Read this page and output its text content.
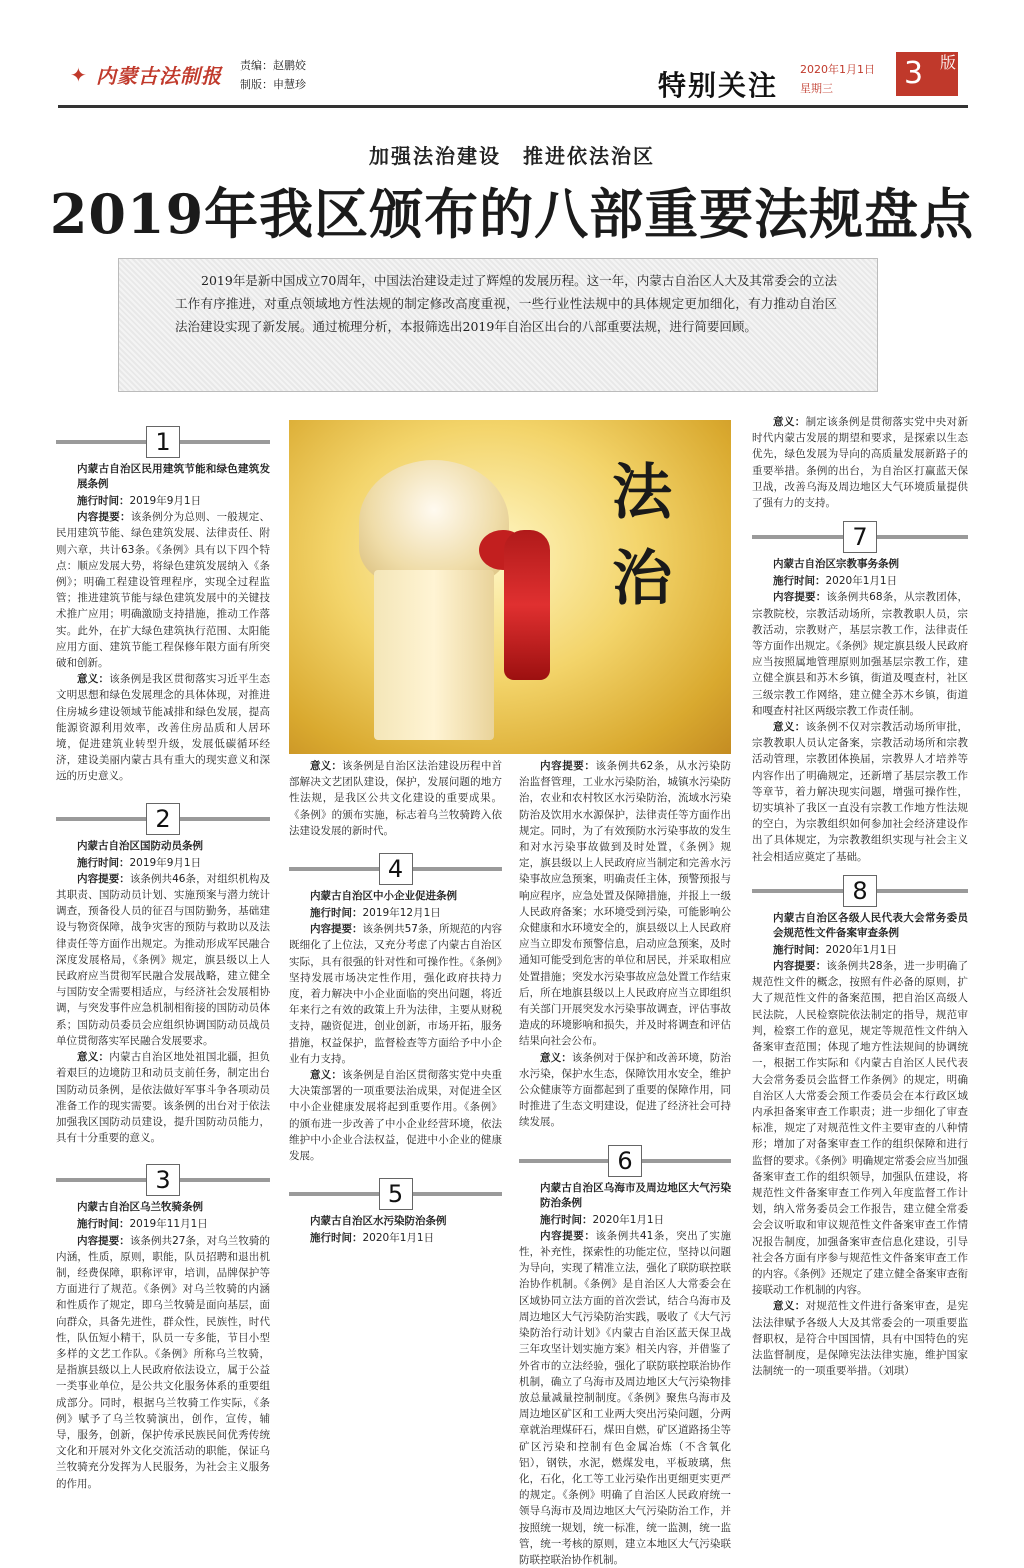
✦ 内蒙古法制报 责编：赵鹏姣
制版：申慧珍	特别关注 2020年1月1日
星期三	3 版
加强法治建设　推进依法治区
2019年我区颁布的八部重要法规盘点

2019年是新中国成立70周年，中国法治建设走过了辉煌的发展历程。这一年，内蒙古自治区人大及其常委会的立法工作有序推进，对重点领域地方性法规的制定修改高度重视，一些行业性法规中的具体规定更加细化，有力推动自治区法治建设实现了新发展。通过梳理分析，本报筛选出2019年自治区出台的八部重要法规，进行简要回顾。

法
治
1
内蒙古自治区民用建筑节能和绿色建筑发展条例

施行时间：2019年9月1日

内容提要：该条例分为总则、一般规定、民用建筑节能、绿色建筑发展、法律责任、附则六章，共计63条。《条例》具有以下四个特点：顺应发展大势，将绿色建筑发展纳入《条例》；明确工程建设管理程序，实现全过程监管；推进建筑节能与绿色建筑发展中的关键技术推广应用；明确激励支持措施，推动工作落实。此外，在扩大绿色建筑执行范围、太阳能应用方面、建筑节能工程保修年限方面有所突破和创新。

意义：该条例是我区贯彻落实习近平生态文明思想和绿色发展理念的具体体现，对推进住房城乡建设领域节能减排和绿色发展，提高能源资源利用效率，改善住房品质和人居环境，促进建筑业转型升级，发展低碳循环经济，建设美丽内蒙古具有重大的现实意义和深远的历史意义。

2
内蒙古自治区国防动员条例

施行时间：2019年9月1日

内容提要：该条例共46条，对组织机构及其职责、国防动员计划、实施预案与潜力统计调查，预备役人员的征召与国防勤务，基础建设与物资保障，战争灾害的预防与救助以及法律责任等方面作出规定。为推动形成军民融合深度发展格局，《条例》规定，旗县级以上人民政府应当贯彻军民融合发展战略，建立健全与国防安全需要相适应，与经济社会发展相协调，与突发事件应急机制相衔接的国防动员体系；国防动员委员会应组织协调国防动员战员单位贯彻落实军民融合发展要求。

意义：内蒙古自治区地处祖国北疆，担负着艰巨的边境防卫和动员支前任务，制定出台国防动员条例，是依法做好军事斗争各项动员准备工作的现实需要。该条例的出台对于依法加强我区国防动员建设，提升国防动员能力，具有十分重要的意义。

3
内蒙古自治区乌兰牧骑条例

施行时间：2019年11月1日

内容提要：该条例共27条，对乌兰牧骑的内涵，性质，原则，职能，队员招聘和退出机制，经费保障，职称评审，培训，品牌保护等方面进行了规范。《条例》对乌兰牧骑的内涵和性质作了规定，即乌兰牧骑是面向基层，面向群众，具备先进性，群众性，民族性，时代性，队伍短小精干，队员一专多能，节目小型多样的文艺工作队。《条例》所称乌兰牧骑，是指旗县级以上人民政府依法设立，属于公益一类事业单位，是公共文化服务体系的重要组成部分。同时，根据乌兰牧骑工作实际，《条例》赋予了乌兰牧骑演出，创作，宣传，辅导，服务，创新，保护传承民族民间优秀传统文化和开展对外文化交流活动的职能，保证乌兰牧骑充分发挥为人民服务，为社会主义服务的作用。

意义：该条例是自治区法治建设历程中首部解决文艺团队建设，保护，发展问题的地方性法规，是我区公共文化建设的重要成果。《条例》的颁布实施，标志着乌兰牧骑跨入依法建设发展的新时代。

4
内蒙古自治区中小企业促进条例

施行时间：2019年12月1日

内容提要：该条例共57条，所规范的内容既细化了上位法，又充分考虑了内蒙古自治区实际，具有很强的针对性和可操作性。《条例》坚持发展市场决定性作用，强化政府扶持力度，着力解决中小企业面临的突出问题，将近年来行之有效的政策上升为法律，主要从财税支持，融资促进，创业创新，市场开拓，服务措施，权益保护，监督检查等方面给予中小企业有力支持。

意义：该条例是自治区贯彻落实党中央重大决策部署的一项重要法治成果，对促进全区中小企业健康发展将起到重要作用。《条例》的颁布进一步改善了中小企业经营环境，依法维护中小企业合法权益，促进中小企业的健康发展。

5
内蒙古自治区水污染防治条例

施行时间：2020年1月1日

内容提要：该条例共62条，从水污染防治监督管理，工业水污染防治，城镇水污染防治，农业和农村牧区水污染防治，流域水污染防治及饮用水水源保护，法律责任等方面作出规定。同时，为了有效预防水污染事故的发生和对水污染事故做到及时处置，《条例》规定，旗县级以上人民政府应当制定和完善水污染事故应急预案，明确责任主体，预警预报与响应程序，应急处置及保障措施，并报上一级人民政府备案；水环境受到污染，可能影响公众健康和水环境安全的，旗县级以上人民政府应当立即发布预警信息，启动应急预案，及时通知可能受到危害的单位和居民，并采取相应处置措施；突发水污染事故应急处置工作结束后，所在地旗县级以上人民政府应当立即组织有关部门开展突发水污染事故调查，评估事故造成的环境影响和损失，并及时将调查和评估结果向社会公布。

意义：该条例对于保护和改善环境，防治水污染，保护水生态，保障饮用水安全，维护公众健康等方面都起到了重要的保障作用，同时推进了生态文明建设，促进了经济社会可持续发展。

6
内蒙古自治区乌海市及周边地区大气污染防治条例

施行时间：2020年1月1日

内容提要：该条例共41条，突出了实施性，补充性，探索性的功能定位，坚持以问题为导向，实现了精准立法，强化了联防联控联治协作机制。《条例》是自治区人大常委会在区域协同立法方面的首次尝试，结合乌海市及周边地区大气污染防治实践，吸收了《大气污染防治行动计划》《内蒙古自治区蓝天保卫战三年攻坚计划实施方案》相关内容，并借鉴了外省市的立法经验，强化了联防联控联治协作机制，确立了乌海市及周边地区大气污染物排放总量减量控制制度。《条例》聚焦乌海市及周边地区矿区和工业两大突出污染问题，分两章就治理煤矸石，煤田自燃，矿区道路扬尘等矿区污染和控制有色金属冶炼（不含氧化铝），钢铁，水泥，燃煤发电，平板玻璃，焦化，石化，化工等工业污染作出更细更实更严的规定。《条例》明确了自治区人民政府统一领导乌海市及周边地区大气污染防治工作，并按照统一规划，统一标准，统一监测，统一监管，统一考核的原则，建立本地区大气污染联防联控联治协作机制。

意义：制定该条例是贯彻落实党中央对新时代内蒙古发展的期望和要求，是探索以生态优先，绿色发展为导向的高质量发展新路子的重要举措。条例的出台，为自治区打赢蓝天保卫战，改善乌海及周边地区大气环境质量提供了强有力的支持。

7
内蒙古自治区宗教事务条例

施行时间：2020年1月1日

内容提要：该条例共68条，从宗教团体，宗教院校，宗教活动场所，宗教教职人员，宗教活动，宗教财产，基层宗教工作，法律责任等方面作出规定。《条例》规定旗县级人民政府应当按照属地管理原则加强基层宗教工作，建立健全旗县和苏木乡镇，街道及嘎查村，社区三级宗教工作网络，建立健全苏木乡镇，街道和嘎查村社区两级宗教工作责任制。

意义：该条例不仅对宗教活动场所审批，宗教教职人员认定备案，宗教活动场所和宗教活动管理，宗教团体换届，宗教界人才培养等内容作出了明确规定，还新增了基层宗教工作等章节，着力解决现实问题，增强可操作性，切实填补了我区一直没有宗教工作地方性法规的空白，为宗教组织如何参加社会经济建设作出了具体规定，为宗教教组织实现与社会主义社会相适应奠定了基础。

8
内蒙古自治区各级人民代表大会常务委员会规范性文件备案审查条例

施行时间：2020年1月1日

内容提要：该条例共28条，进一步明确了规范性文件的概念，按照有件必备的原则，扩大了规范性文件的备案范围，把自治区高级人民法院，人民检察院依法制定的指导，规范审判，检察工作的意见，规定等规范性文件纳入备案审查范围；体现了地方性法规间的协调统一，根据工作实际和《内蒙古自治区人民代表大会常务委员会监督工作条例》的规定，明确自治区人大常委会预工作委员会在本行政区域内承担备案审查工作职责；进一步细化了审查标准，规定了对规范性文件主要审查的八种情形；增加了对备案审查工作的组织保障和进行监督的要求。《条例》明确规定常委会应当加强备案审查工作的组织领导，加强队伍建设，将规范性文件备案审查工作列入年度监督工作计划，纳入常务委员会工作报告，建立健全常委会会议听取和审议规范性文件备案审查工作情况报告制度，加强备案审查信息化建设，引导社会各方面有序参与规范性文件备案审查工作的内容。《条例》还规定了建立健全备案审查衔接联动工作机制的内容。

意义：对规范性文件进行备案审查，是宪法法律赋予各级人大及其常委会的一项重要监督职权，是符合中国国情，具有中国特色的宪法监督制度，是保障宪法法律实施，维护国家法制统一的一项重要举措。（刘琪）
